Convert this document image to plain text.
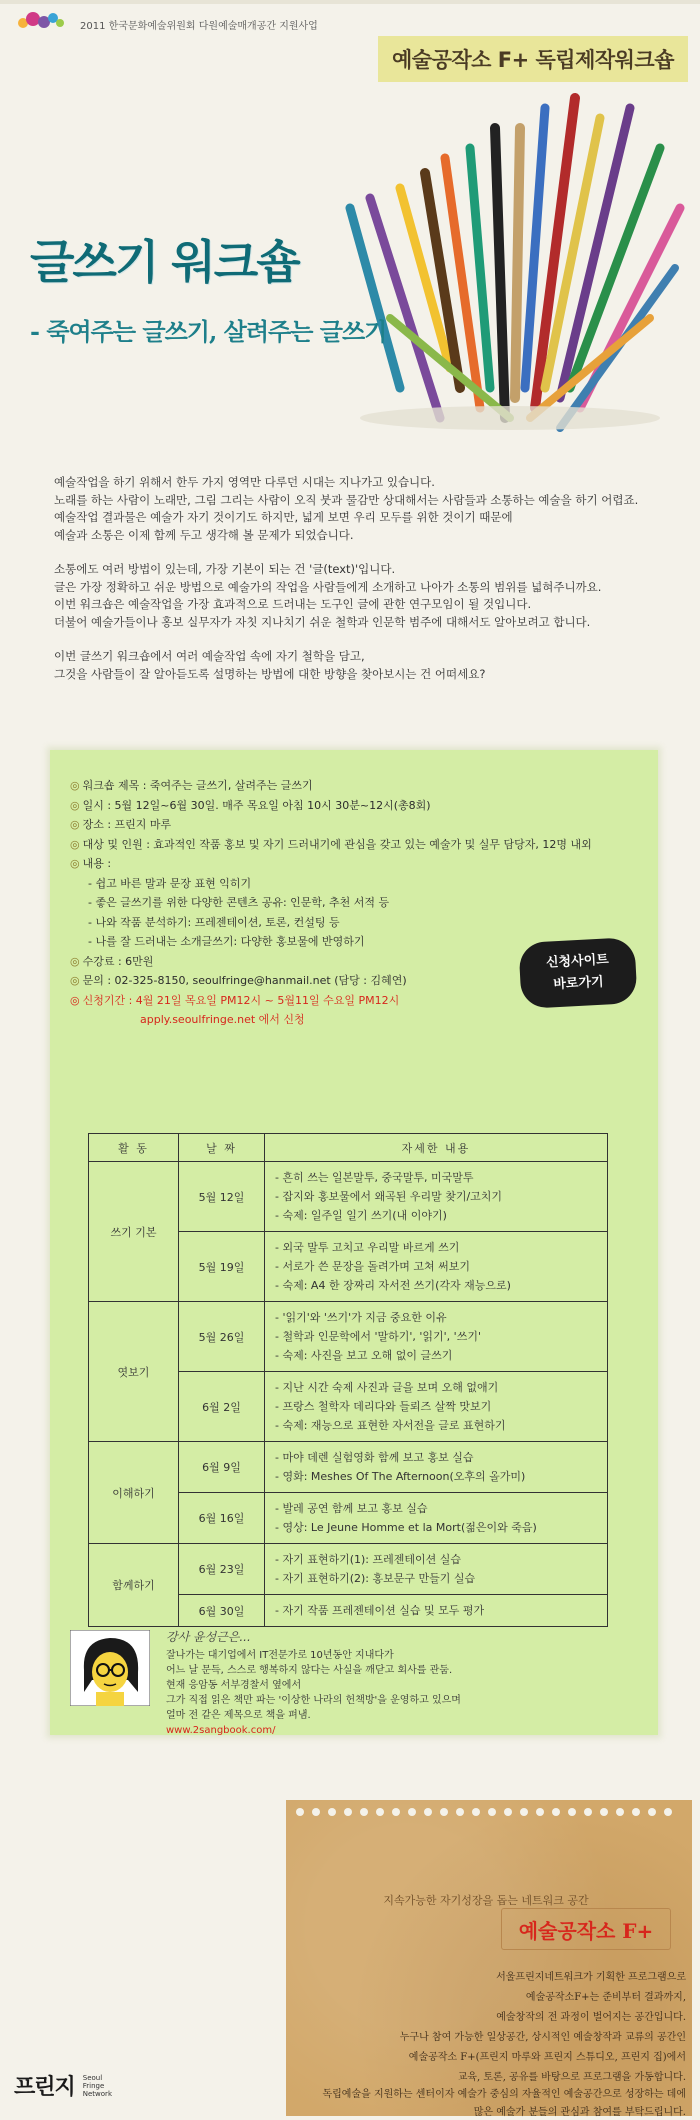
2011 한국문화예술위원회 다원예술매개공간 지원사업
예술공작소 F+ 독립제작워크숍
글쓰기 워크숍
- 죽여주는 글쓰기, 살려주는 글쓰기

예술작업을 하기 위해서 한두 가지 영역만 다루던 시대는 지나가고 있습니다.
노래를 하는 사람이 노래만, 그림 그리는 사람이 오직 붓과 물감만 상대해서는 사람들과 소통하는 예술을 하기 어렵죠.
예술작업 결과물은 예술가 자기 것이기도 하지만, 넓게 보면 우리 모두를 위한 것이기 때문에
예술과 소통은 이제 함께 두고 생각해 볼 문제가 되었습니다.

소통에도 여러 방법이 있는데, 가장 기본이 되는 건 '글(text)'입니다.
글은 가장 정확하고 쉬운 방법으로 예술가의 작업을 사람들에게 소개하고 나아가 소통의 범위를 넓혀주니까요.
이번 워크숍은 예술작업을 가장 효과적으로 드러내는 도구인 글에 관한 연구모임이 될 것입니다.
더불어 예술가들이나 홍보 실무자가 자칫 지나치기 쉬운 철학과 인문학 범주에 대해서도 알아보려고 합니다.

이번 글쓰기 워크숍에서 여러 예술작업 속에 자기 철학을 담고,
그것을 사람들이 잘 알아듣도록 설명하는 방법에 대한 방향을 찾아보시는 건 어떠세요?

◎ 워크숍 제목 : 죽여주는 글쓰기, 살려주는 글쓰기
◎ 일시 : 5월 12일~6월 30일. 매주 목요일 아침 10시 30분~12시(총8회)
◎ 장소 : 프린지 마루
◎ 대상 및 인원 : 효과적인 작품 홍보 및 자기 드러내기에 관심을 갖고 있는 예술가 및 실무 담당자, 12명 내외
◎ 내용 :
- 쉽고 바른 말과 문장 표현 익히기
- 좋은 글쓰기를 위한 다양한 콘텐츠 공유: 인문학, 추천 서적 등
- 나와 작품 분석하기: 프레젠테이션, 토론, 컨설팅 등
- 나를 잘 드러내는 소개글쓰기: 다양한 홍보물에 반영하기
◎ 수강료 : 6만원
◎ 문의 : 02-325-8150, seoulfringe@hanmail.net (담당 : 김혜연)
◎ 신청기간 : 4월 21일 목요일 PM12시 ~ 5월11일 수요일 PM12시
apply.seoulfringe.net 에서 신청
신청사이트
바로가기
활 동	날 짜	자세한 내용
쓰기 기본	5월 12일	- 흔히 쓰는 일본말투, 중국말투, 미국말투
- 잡지와 홍보물에서 왜곡된 우리말 찾기/고치기
- 숙제: 일주일 일기 쓰기(내 이야기)

	5월 19일	- 외국 말투 고치고 우리말 바르게 쓰기
- 서로가 쓴 문장을 돌려가며 고쳐 써보기
- 숙제: A4 한 장짜리 자서전 쓰기(각자 재능으로)

엿보기	5월 26일	- '읽기'와 '쓰기'가 지금 중요한 이유
- 철학과 인문학에서 '말하기', '읽기', '쓰기'
- 숙제: 사진을 보고 오해 없이 글쓰기

	6월 2일	- 지난 시간 숙제 사진과 글을 보며 오해 없애기
- 프랑스 철학자 데리다와 들뢰즈 살짝 맛보기
- 숙제: 재능으로 표현한 자서전을 글로 표현하기

이해하기	6월 9일	- 마야 데렌 실험영화 함께 보고 홍보 실습
- 영화: Meshes Of The Afternoon(오후의 올가미)

	6월 16일	- 발레 공연 함께 보고 홍보 실습
- 영상: Le Jeune Homme et la Mort(젊은이와 죽음)

함께하기	6월 23일	- 자기 표현하기(1): 프레젠테이션 실습
- 자기 표현하기(2): 홍보문구 만들기 실습

	6월 30일	- 자기 작품 프레젠테이션 실습 및 모두 평가
강사 윤성근은...
잘나가는 대기업에서 IT전문가로 10년동안 지내다가
어느 날 문득, 스스로 행복하지 않다는 사실을 깨닫고 회사를 관둠.
현재 응암동 서부경찰서 옆에서
그가 직접 읽은 책만 파는 '이상한 나라의 헌책방'을 운영하고 있으며
얼마 전 같은 제목으로 책을 펴냄.
www.2sangbook.com/
지속가능한 자기성장을 돕는 네트워크 공간
예술공작소 F+
서울프린지네트워크가 기획한 프로그램으로
예술공작소F+는 준비부터 결과까지,
예술창작의 전 과정이 벌어지는 공간입니다.
누구나 참여 가능한 일상공간, 상시적인 예술창작과 교류의 공간인
예술공작소 F+(프린지 마루와 프린지 스튜디오, 프린지 집)에서
교육, 토론, 공유를 바탕으로 프로그램을 가동합니다.
독립예술을 지원하는 센터이자 예술가 중심의 자율적인 예술공간으로 성장하는 데에
많은 예술가 분들의 관심과 참여를 부탁드립니다.
프린지 Seoul
Fringe
Network
